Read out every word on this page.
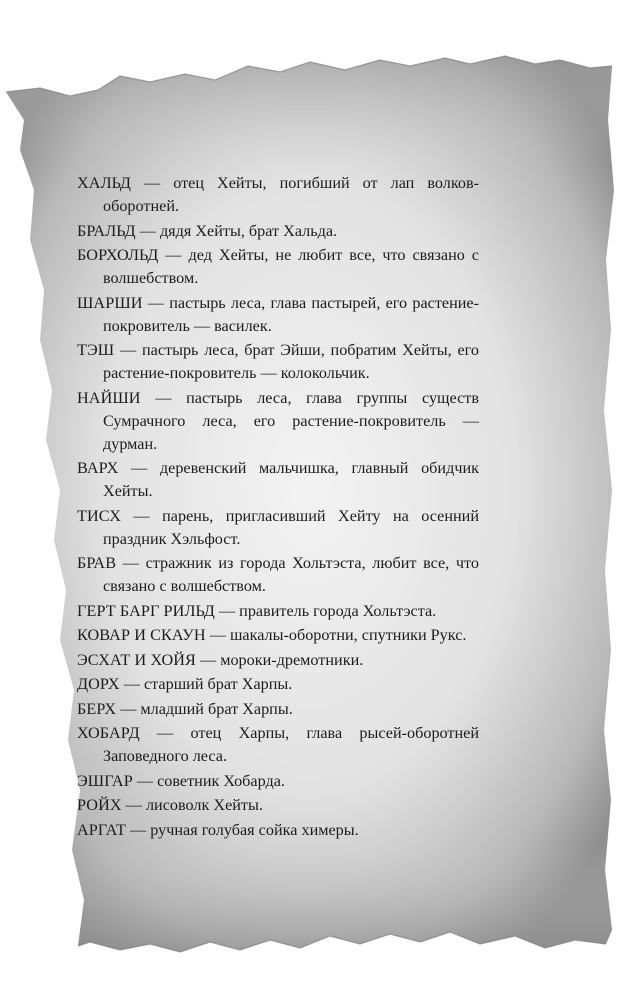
ХАЛЬД — отец Хейты, погибший от лап волков-оборотней.

БРАЛЬД — дядя Хейты, брат Хальда.

БОРХОЛЬД — дед Хейты, не любит все, что связано с волшебством.

ШАРШИ — пастырь леса, глава пастырей, его растение-покровитель — василек.

ТЭШ — пастырь леса, брат Эйши, побратим Хейты, его растение-покровитель — колокольчик.

НАЙШИ — пастырь леса, глава группы существ Сумрачного леса, его растение-покровитель — дурман.

ВАРХ — деревенский мальчишка, главный обидчик Хейты.

ТИСХ — парень, пригласивший Хейту на осенний праздник Хэльфост.

БРАВ — стражник из города Хольтэста, любит все, что связано с волшебством.

ГЕРТ БАРГ РИЛЬД — правитель города Хольтэста.

КОВАР И СКАУН — шакалы-оборотни, спутники Рукс.

ЭСХАТ И ХОЙЯ — мороки-дремотники.

ДОРХ — старший брат Харпы.

БЕРХ — младший брат Харпы.

ХОБАРД — отец Харпы, глава рысей-оборотней Заповедного леса.

ЭШГАР — советник Хобарда.

РОЙХ — лисоволк Хейты.

АРГАТ — ручная голубая сойка химеры.
